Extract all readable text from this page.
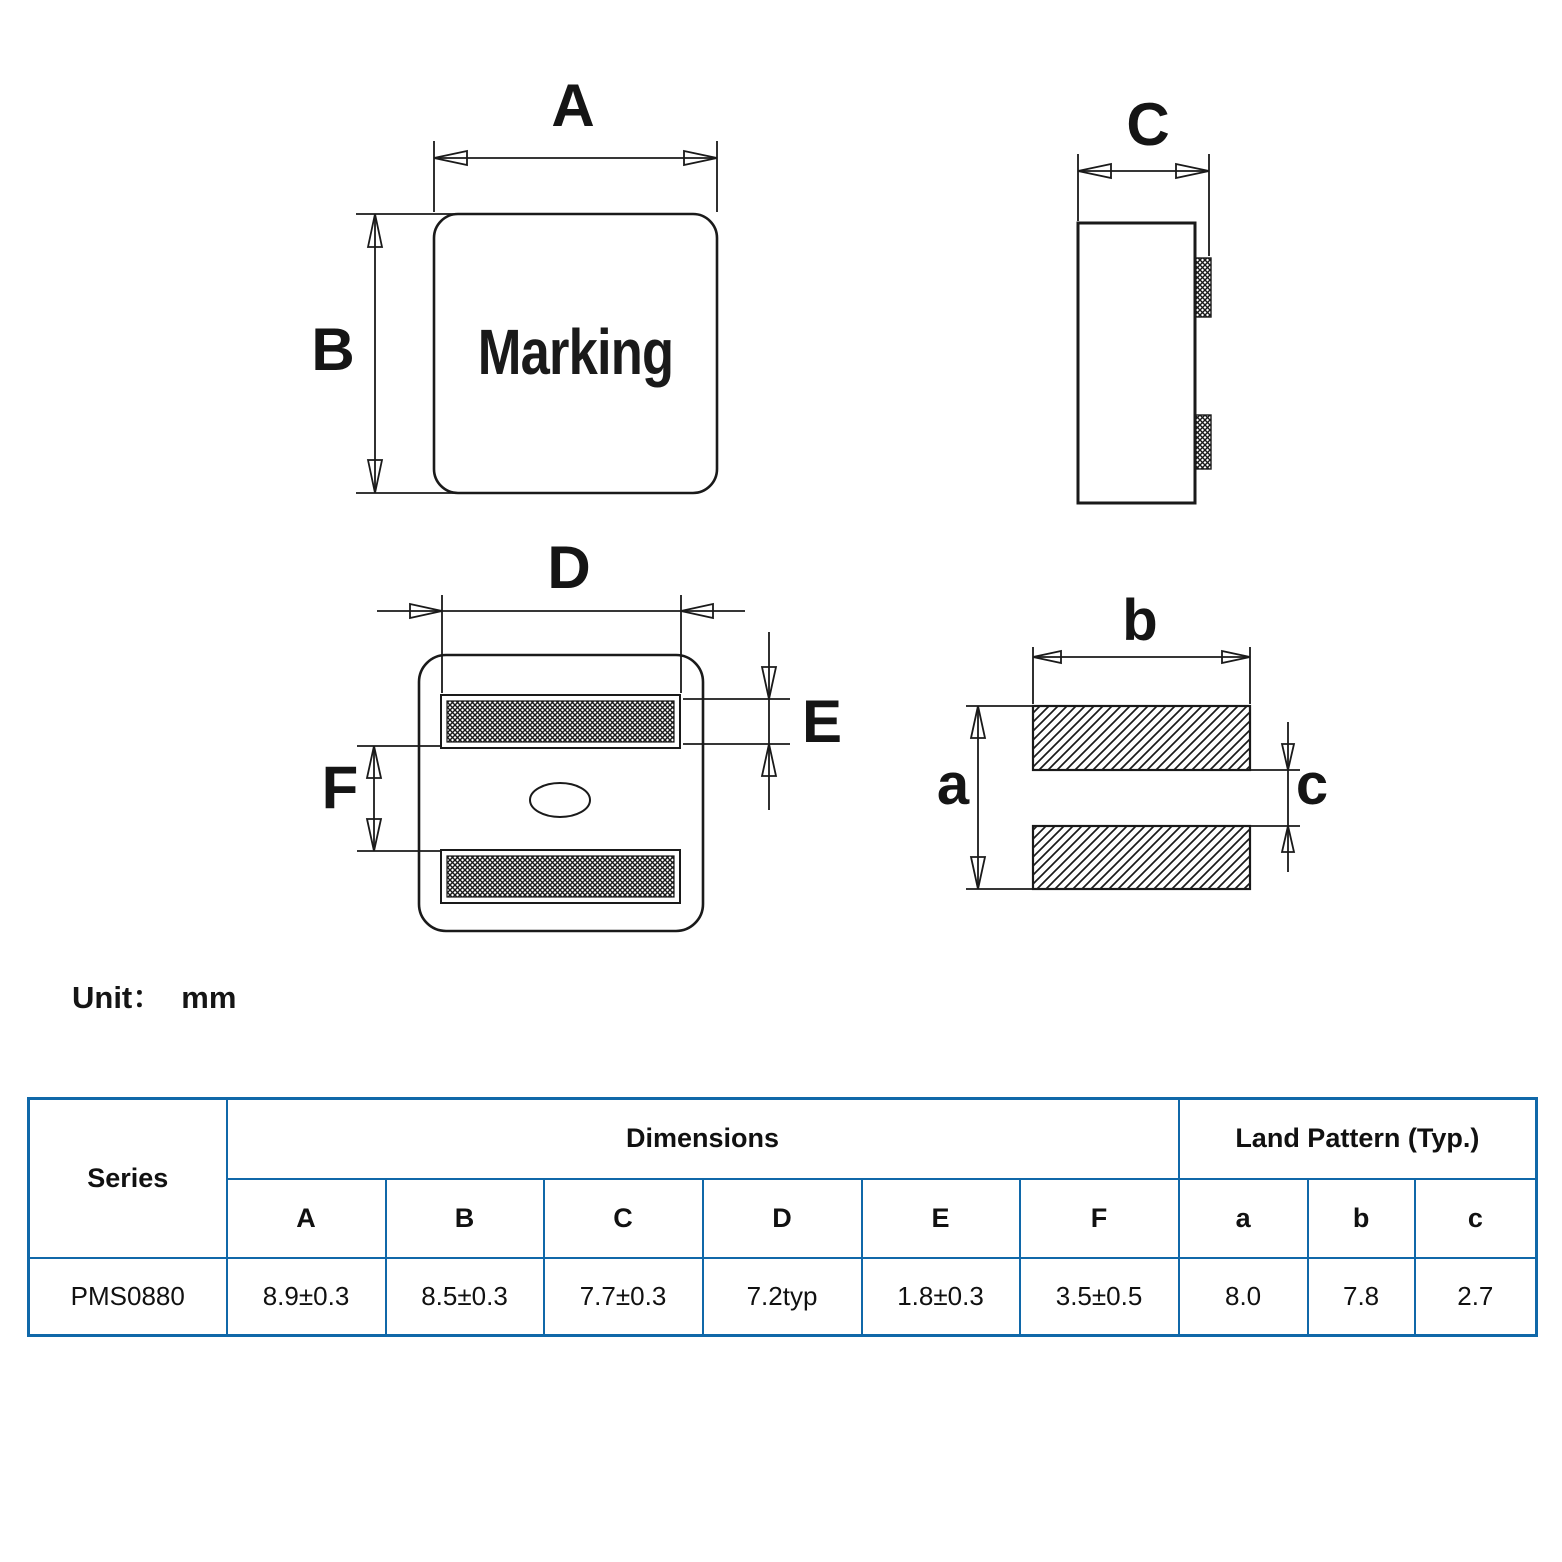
A
B
C
D
E
F	a
b
c
Marking
Unit： mm
Series	Dimensions						Land Pattern (Typ.)		
	A	B	C	D	E	F	a	b	c
PMS0880	8.9±0.3	8.5±0.3	7.7±0.3	7.2typ	1.8±0.3	3.5±0.5	8.0	7.8	2.7
